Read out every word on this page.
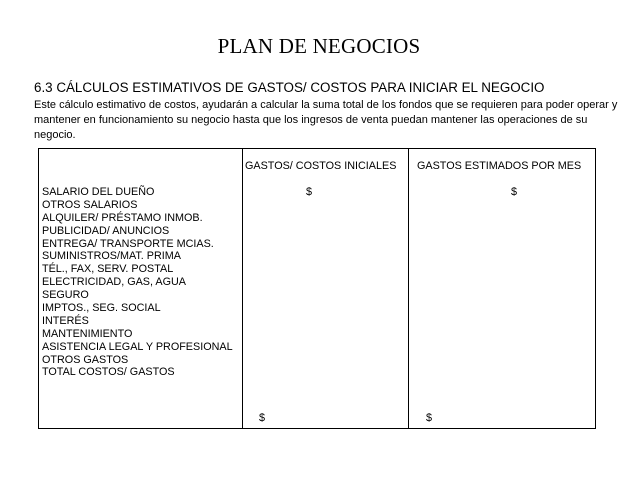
PLAN DE NEGOCIOS
6.3 CÁLCULOS ESTIMATIVOS DE GASTOS/ COSTOS PARA INICIAR EL NEGOCIO
Este cálculo estimativo de costos, ayudarán a calcular la suma total de los fondos que se requieren para poder operar y
mantener en funcionamiento su negocio hasta que los ingresos de venta puedan mantener las operaciones de su
negocio.
GASTOS/ COSTOS INICIALES GASTOS ESTIMADOS POR MES
$	$
SALARIO DEL DUEÑO
OTROS SALARIOS
ALQUILER/ PRÉSTAMO INMOB.
PUBLICIDAD/ ANUNCIOS
ENTREGA/ TRANSPORTE MCIAS.
SUMINISTROS/MAT. PRIMA
TÉL., FAX, SERV. POSTAL
ELECTRICIDAD, GAS, AGUA
SEGURO
IMPTOS., SEG. SOCIAL
INTERÉS
MANTENIMIENTO
ASISTENCIA LEGAL Y PROFESIONAL
OTROS GASTOS
TOTAL COSTOS/ GASTOS
$	$
